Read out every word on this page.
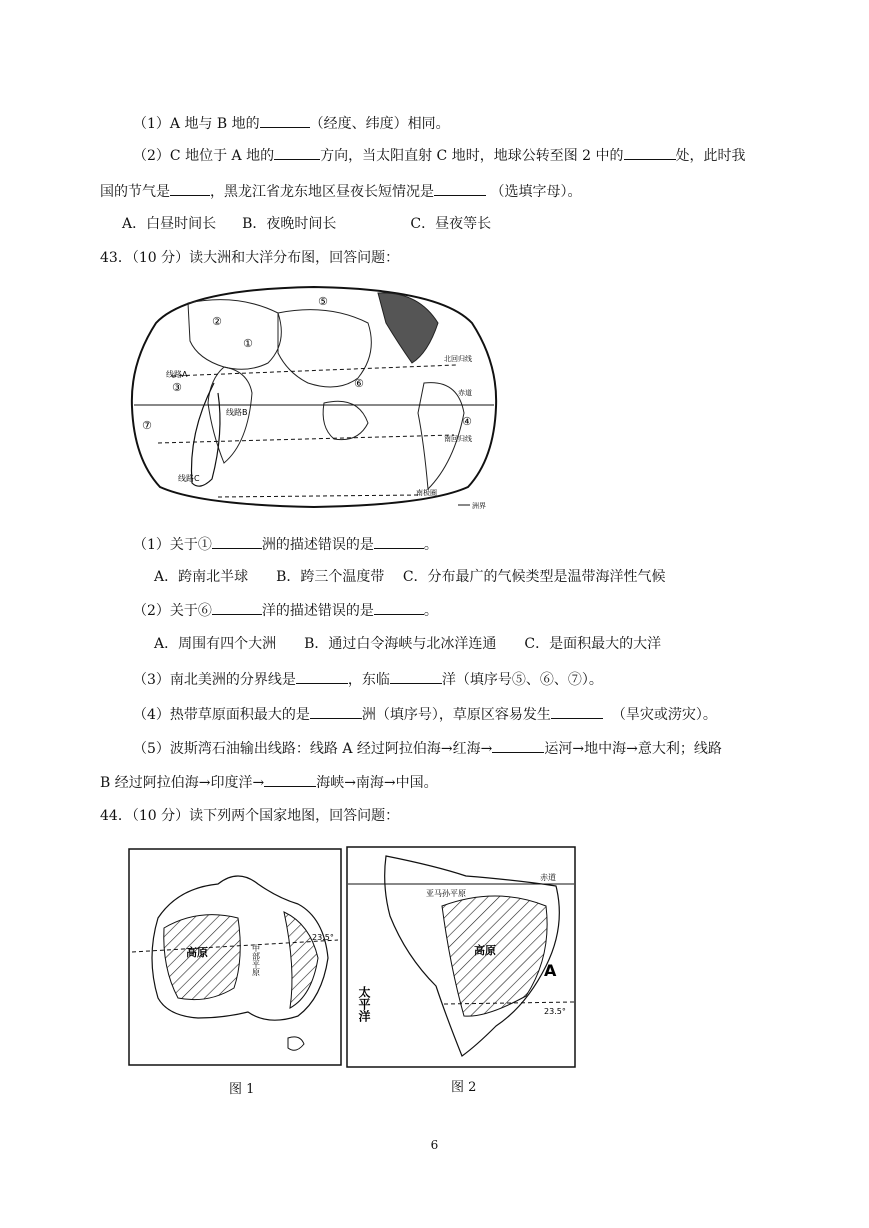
（1）A 地与 B 地的	（经度、纬度）相同。
（2）C 地位于 A 地的	方向，当太阳直射 C 地时，地球公转至图 2 中的	处，此时我
国的节气是	，黑龙江省龙东地区昼夜长短情况是	（选填字母）。
A．白昼时间长 B．夜晚时间长	C．昼夜等长
43．（10 分）读大洲和大洋分布图，回答问题：
①
②
③
④
⑤
⑥
⑦
线路A
线路B
线路C
北回归线
赤道
南回归线
南极圈
洲界
（1）关于①	洲的描述错误的是	。
A．跨南北半球　　B．跨三个温度带　 C．分布最广的气候类型是温带海洋性气候
（2）关于⑥	洋的描述错误的是	。
A．周围有四个大洲　　B．通过白令海峡与北冰洋连通　　C．是面积最大的大洋
（3）南北美洲的分界线是	，东临	洋（填序号⑤、⑥、⑦）。
（4）热带草原面积最大的是	洲（填序号），草原区容易发生	（旱灾或涝灾）。
（5）波斯湾石油输出线路：线路 A 经过阿拉伯海→红海→	运河→地中海→意大利；线路
B 经过阿拉伯海→印度洋→	海峡→南海→中国。
44．（10 分）读下列两个国家地图，回答问题：
高原	中部平原
23.5°
图 1
赤道
亚马孙平原
高原
太平洋
A
23.5°
图 2
6
